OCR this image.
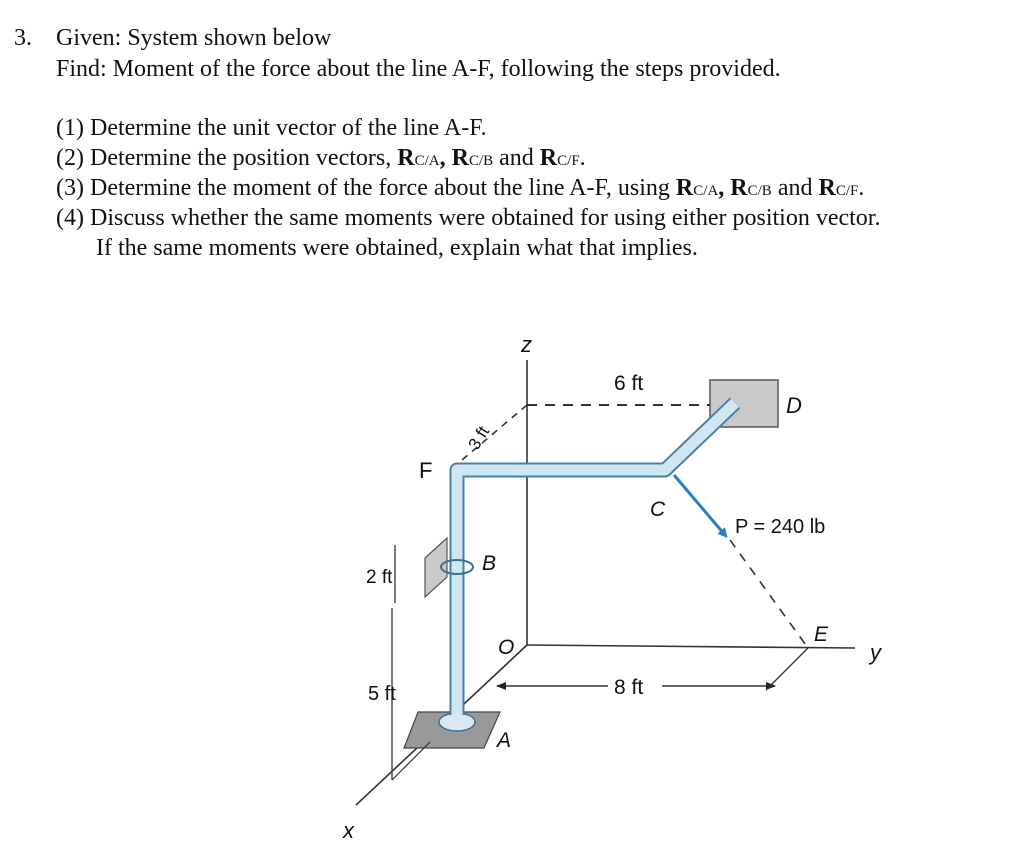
3. Given: System shown below
Find: Moment of the force about the line A-F, following the steps provided.
(1) Determine the unit vector of the line A-F.
(2) Determine the position vectors, RC/A, RC/B and RC/F.
(3) Determine the moment of the force about the line A-F, using RC/A, RC/B and RC/F.
(4) Discuss whether the same moments were obtained for using either position vector.
If the same moments were obtained, explain what that implies.
z
y
x
6 ft
3 ft
2 ft
5 ft	8 ft
D
F
C
B
O
A
E
P = 240 lb
